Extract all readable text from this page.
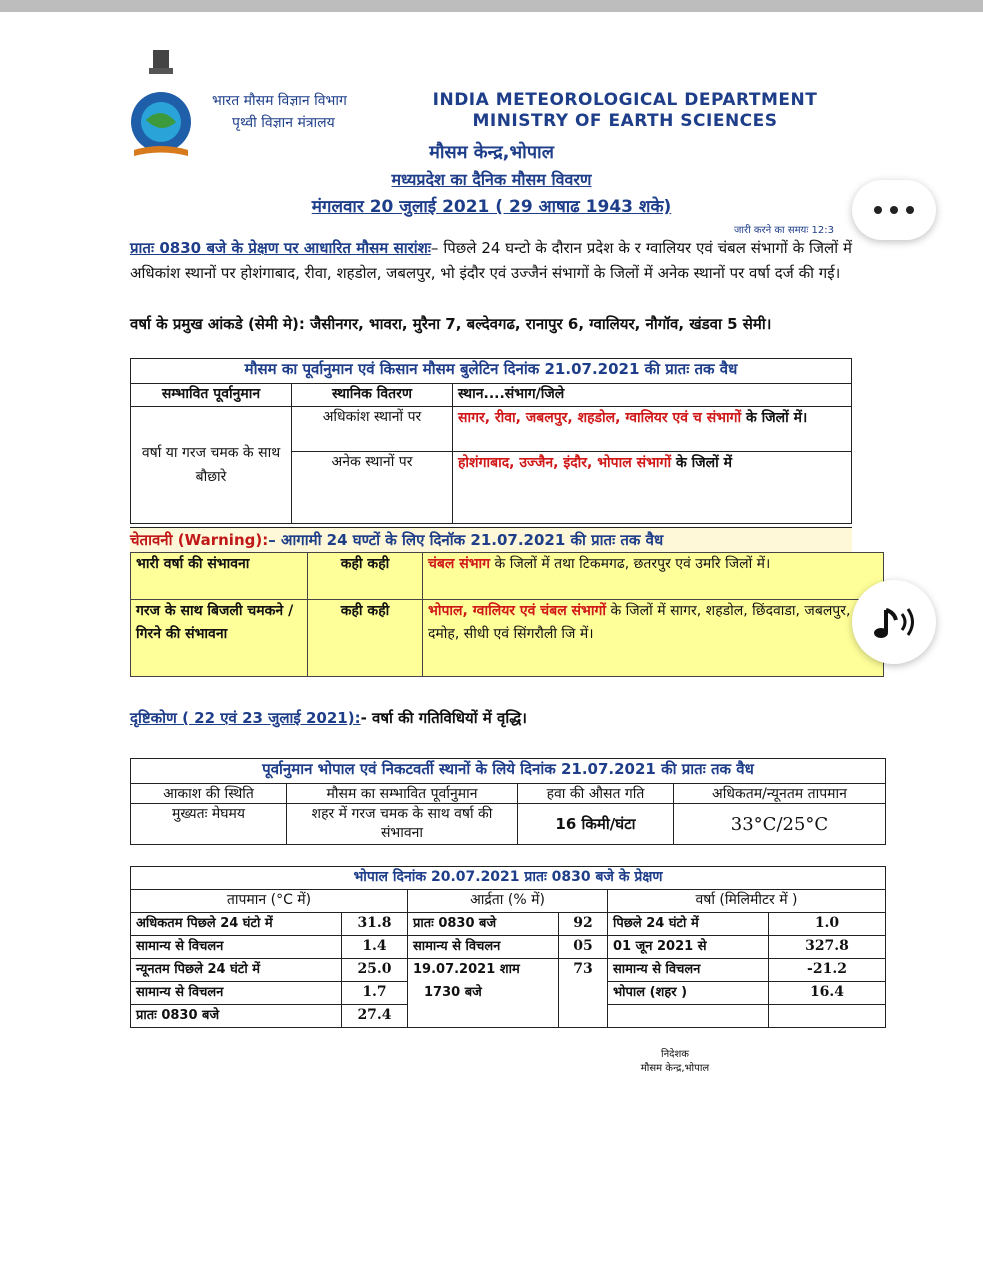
भारत मौसम विज्ञान विभाग
पृथ्वी विज्ञान मंत्रालय
INDIA METEOROLOGICAL DEPARTMENT
MINISTRY OF EARTH SCIENCES
मौसम केन्द्र,भोपाल
मध्यप्रदेश का दैनिक मौसम विवरण
मंगलवार 20 जुलाई 2021 ( 29 आषाढ 1943 शके)
जारी करने का समयः 12:3
प्रातः 0830 बजे के प्रेक्षण पर आधारित मौसम सारांशः– पिछले 24 घन्टो के दौरान प्रदेश के र ग्वालियर एवं चंबल संभागों के जिलों में अधिकांश स्थानों पर होशंगाबाद, रीवा, शहडोल, जबलपुर, भो इंदौर एवं उज्जैनं संभागों के जिलों में अनेक स्थानों पर वर्षा दर्ज की गई।
वर्षा के प्रमुख आंकडे (सेमी मे): जैसीनगर, भावरा, मुरैना 7, बल्देवगढ, रानापुर 6, ग्वालियर, नौगॉव, खंडवा 5 सेमी।
मौसम का पूर्वानुमान एवं किसान मौसम बुलेटिन दिनांक 21.07.2021 की प्रातः तक वैध		
सम्भावित पूर्वानुमान	स्थानिक वितरण	स्थान....संभाग/जिले
वर्षा या गरज चमक के साथ बौछारे	अधिकांश स्थानों पर	सागर, रीवा, जबलपुर, शहडोल, ग्वालियर एवं च संभागों के जिलों में।
	अनेक स्थानों पर	होशंगाबाद, उज्जैन, इंदौर, भोपाल संभागों के जिलों में
चेतावनी (Warning):– आगामी 24 घण्टों के लिए दिनॉक 21.07.2021 की प्रातः तक वैध
भारी वर्षा की संभावना	कही कही	चंबल संभाग के जिलों में तथा टिकमगढ, छतरपुर एवं उमरि जिलों में।
गरज के साथ बिजली चमकने / गिरने की संभावना	कही कही	भोपाल, ग्वालियर एवं चंबल संभागों के जिलों में सागर, शहडोल, छिंदवाडा, जबलपुर, दमोह, सीधी एवं सिंगरौली जि में।
दृष्टिकोण ( 22 एवं 23 जुलाई 2021):- वर्षा की गतिविधियों में वृद्धि।
पूर्वानुमान भोपाल एवं निकटवर्ती स्थानों के लिये दिनांक 21.07.2021 की प्रातः तक वैध			
आकाश की स्थिति	मौसम का सम्भावित पूर्वानुमान	हवा की औसत गति	अधिकतम/न्यूनतम तापमान
मुख्यतः मेघमय	शहर में गरज चमक के साथ वर्षा की संभावना	16 किमी/घंटा	33°C/25°C
भोपाल दिनांक 20.07.2021 प्रातः 0830 बजे के प्रेक्षण					
तापमान (°C में)		आर्द्रता (% में)		वर्षा (मिलिमीटर में )	
अधिकतम पिछले 24 घंटो में	31.8	प्रातः 0830 बजे	92	पिछले 24 घंटो में	1.0
सामान्य से विचलन	1.4	सामान्य से विचलन	05	01 जून 2021 से	327.8
न्यूनतम पिछले 24 घंटो में	25.0	19.07.2021 शाम	73	सामान्य से विचलन	-21.2
सामान्य से विचलन	1.7	1730 बजे		भोपाल (शहर )	16.4
प्रातः 0830 बजे	27.4				
निदेशक
मौसम केन्द्र,भोपाल
